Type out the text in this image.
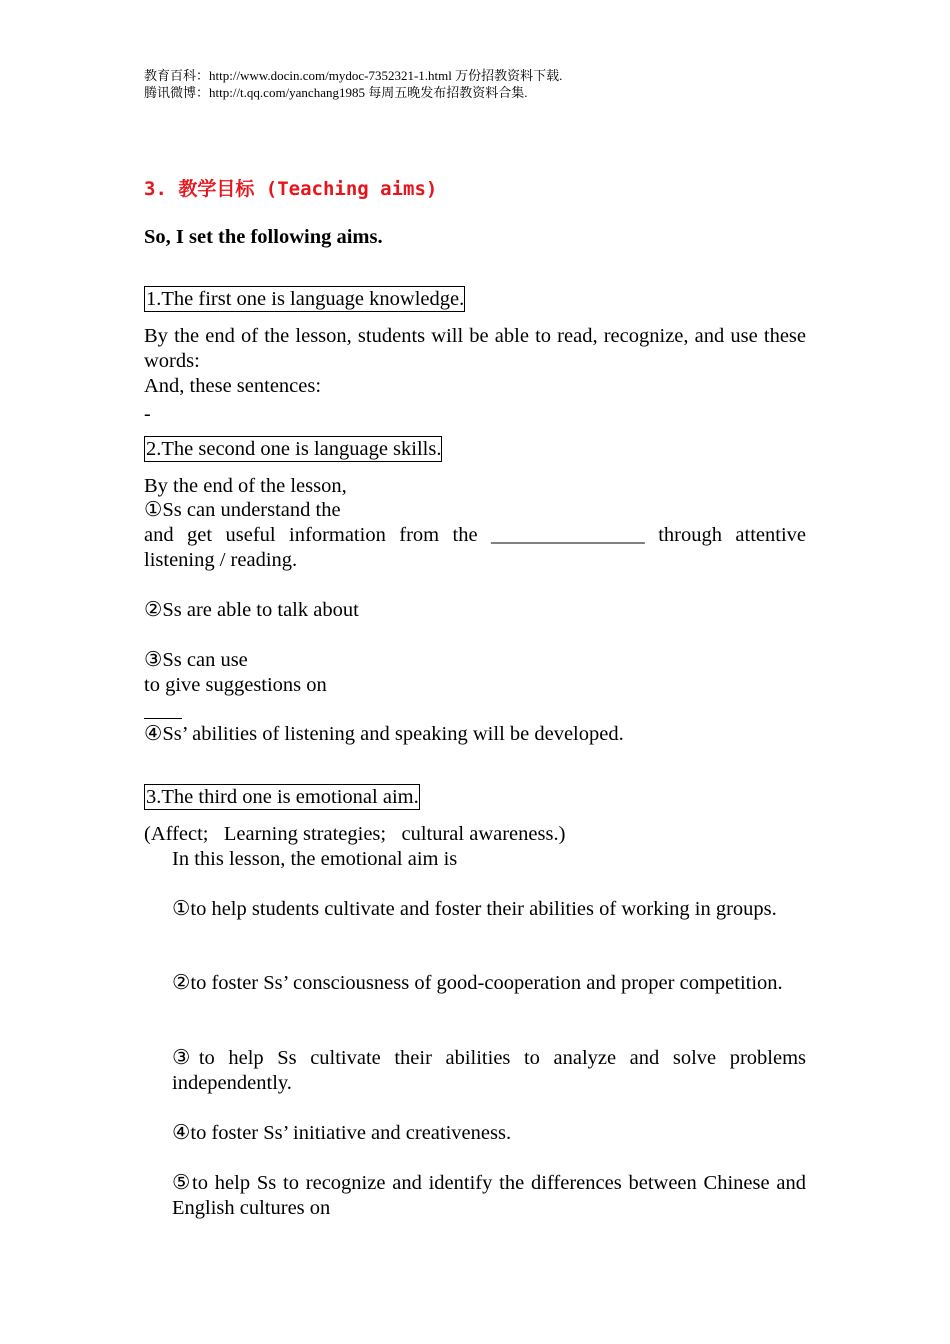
教育百科：http://www.docin.com/mydoc-7352321-1.html 万份招教资料下载.
腾讯微博：http://t.qq.com/yanchang1985 每周五晚发布招教资料合集.
3. 教学目标 (Teaching aims)
So, I set the following aims.
1.The first one is language knowledge.
By the end of the lesson, students will be able to read, recognize, and use these words:
And, these sentences:
-
2.The second one is language skills.
By the end of the lesson,
①Ss can understand the
and get useful information from the _______________ through attentive listening / reading.
②Ss are able to talk about
③Ss can use
to give suggestions on
④Ss’ abilities of listening and speaking will be developed.
3.The third one is emotional aim.
(Affect;   Learning strategies;   cultural awareness.)
In this lesson, the emotional aim is
①to help students cultivate and foster their abilities of working in groups.
②to foster Ss’ consciousness of good-cooperation and proper competition.
③to help Ss cultivate their abilities to analyze and solve problems independently.
④to foster Ss’ initiative and creativeness.
⑤to help Ss to recognize and identify the differences between Chinese and English cultures on
